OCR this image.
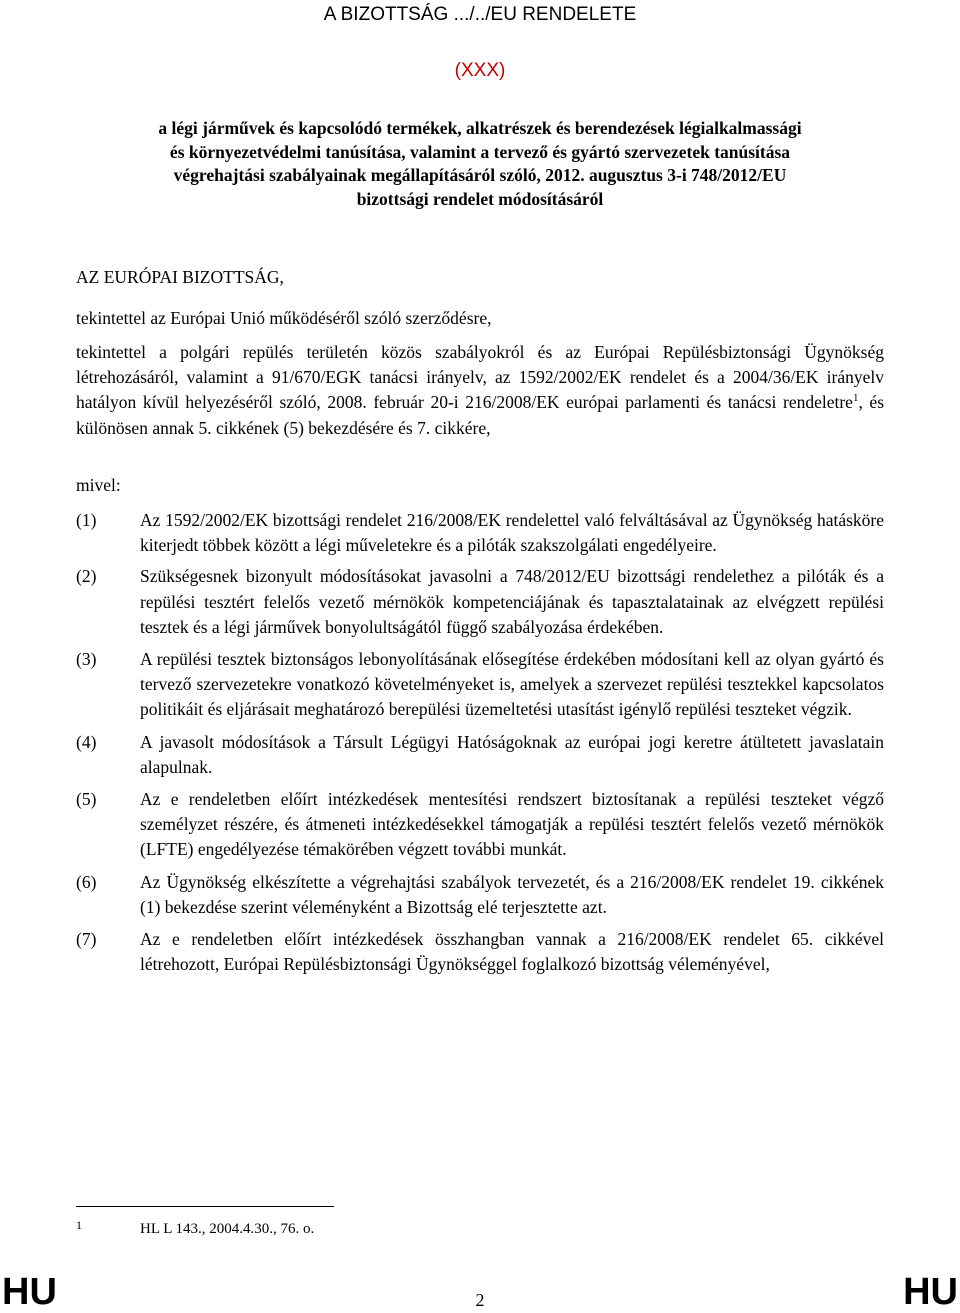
A BIZOTTSÁG .../../EU RENDELETE
(XXX)
a légi járművek és kapcsolódó termékek, alkatrészek és berendezések légialkalmassági
és környezetvédelmi tanúsítása, valamint a tervező és gyártó szervezetek tanúsítása
végrehajtási szabályainak megállapításáról szóló, 2012. augusztus 3-i 748/2012/EU
bizottsági rendelet módosításáról
AZ EURÓPAI BIZOTTSÁG,
tekintettel az Európai Unió működéséről szóló szerződésre,
tekintettel a polgári repülés területén közös szabályokról és az Európai Repülésbiztonsági Ügynökség létrehozásáról, valamint a 91/670/EGK tanácsi irányelv, az 1592/2002/EK rendelet és a 2004/36/EK irányelv hatályon kívül helyezéséről szóló, 2008. február 20-i 216/2008/EK európai parlamenti és tanácsi rendeletre$^1$, és különösen annak 5. cikkének (5) bekezdésére és 7. cikkére,
mivel:
(1)	Az 1592/2002/EK bizottsági rendelet 216/2008/EK rendelettel való felváltásával az Ügynökség hatásköre kiterjedt többek között a légi műveletekre és a pilóták szakszolgálati engedélyeire.
(2)	Szükségesnek bizonyult módosításokat javasolni a 748/2012/EU bizottsági rendelethez a pilóták és a repülési tesztért felelős vezető mérnökök kompetenciájának és tapasztalatainak az elvégzett repülési tesztek és a légi járművek bonyolultságától függő szabályozása érdekében.
(3)	A repülési tesztek biztonságos lebonyolításának elősegítése érdekében módosítani kell az olyan gyártó és tervező szervezetekre vonatkozó követelményeket is, amelyek a szervezet repülési tesztekkel kapcsolatos politikáit és eljárásait meghatározó berepülési üzemeltetési utasítást igénylő repülési teszteket végzik.
(4)	A javasolt módosítások a Társult Légügyi Hatóságoknak az európai jogi keretre átültetett javaslatain alapulnak.
(5)	Az e rendeletben előírt intézkedések mentesítési rendszert biztosítanak a repülési teszteket végző személyzet részére, és átmeneti intézkedésekkel támogatják a repülési tesztért felelős vezető mérnökök (LFTE) engedélyezése témakörében végzett további munkát.
(6)	Az Ügynökség elkészítette a végrehajtási szabályok tervezetét, és a 216/2008/EK rendelet 19. cikkének (1) bekezdése szerint véleményként a Bizottság elé terjesztette azt.
(7)	Az e rendeletben előírt intézkedések összhangban vannak a 216/2008/EK rendelet 65. cikkével létrehozott, Európai Repülésbiztonsági Ügynökséggel foglalkozó bizottság véleményével,
1	HL L 143., 2004.4.30., 76. o.
HU	2	HU
